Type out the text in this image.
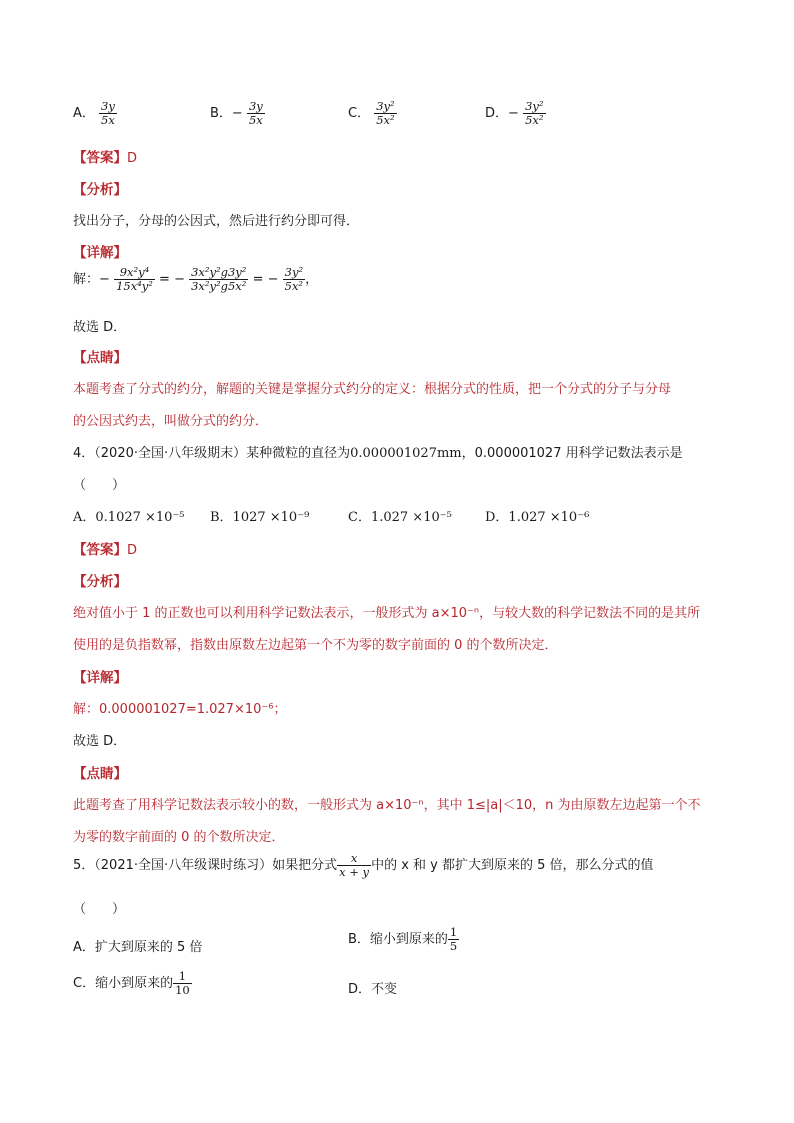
A． $\frac{3y}{5x}$	B．− $\frac{3y}{5x}$	C． $\frac{\text{3y²}}{\text{5x²}}$	D．− $\frac{\text{3y²}}{\text{5x²}}$
【答案】D
【分析】
找出分子，分母的公因式，然后进行约分即可得．
【详解】
解：− $\frac{\text{9x²y⁴}}{\text{15x⁴y²}}$ = − $\frac{\text{3x²y²g3y²}}{\text{3x²y²g5x²}}$ = − $\frac{\text{3y²}}{\text{5x²}}$ ，
故选 D．
【点睛】
本题考查了分式的约分，解题的关键是掌握分式约分的定义：根据分式的性质，把一个分式的分子与分母
的公因式约去，叫做分式的约分．
4．（2020·全国·八年级期末）某种微粒的直径为0.000001027mm，0.000001027 用科学记数法表示是
（　　）
A．0.1027 ×10⁻⁵ B．1027 ×10⁻⁹	C．1.027 ×10⁻⁵	D．1.027 ×10⁻⁶
【答案】D
【分析】
绝对值小于 1 的正数也可以利用科学记数法表示，一般形式为 a×10⁻ⁿ，与较大数的科学记数法不同的是其所
使用的是负指数幂，指数由原数左边起第一个不为零的数字前面的 0 的个数所决定．
【详解】
解：0.000001027=1.027×10⁻⁶；
故选 D．
【点睛】
此题考查了用科学记数法表示较小的数，一般形式为 a×10⁻ⁿ，其中 1≤|a|＜10，n 为由原数左边起第一个不
为零的数字前面的 0 的个数所决定．
5．（2021·全国·八年级课时练习）如果把分式 $\frac{x}{x + y}$ 中的 x 和 y 都扩大到原来的 5 倍，那么分式的值
（　　）
A．扩大到原来的 5 倍
B．缩小到原来的 $\frac{1}{5}$
C．缩小到原来的 $\frac{1}{10}$	D．不变
